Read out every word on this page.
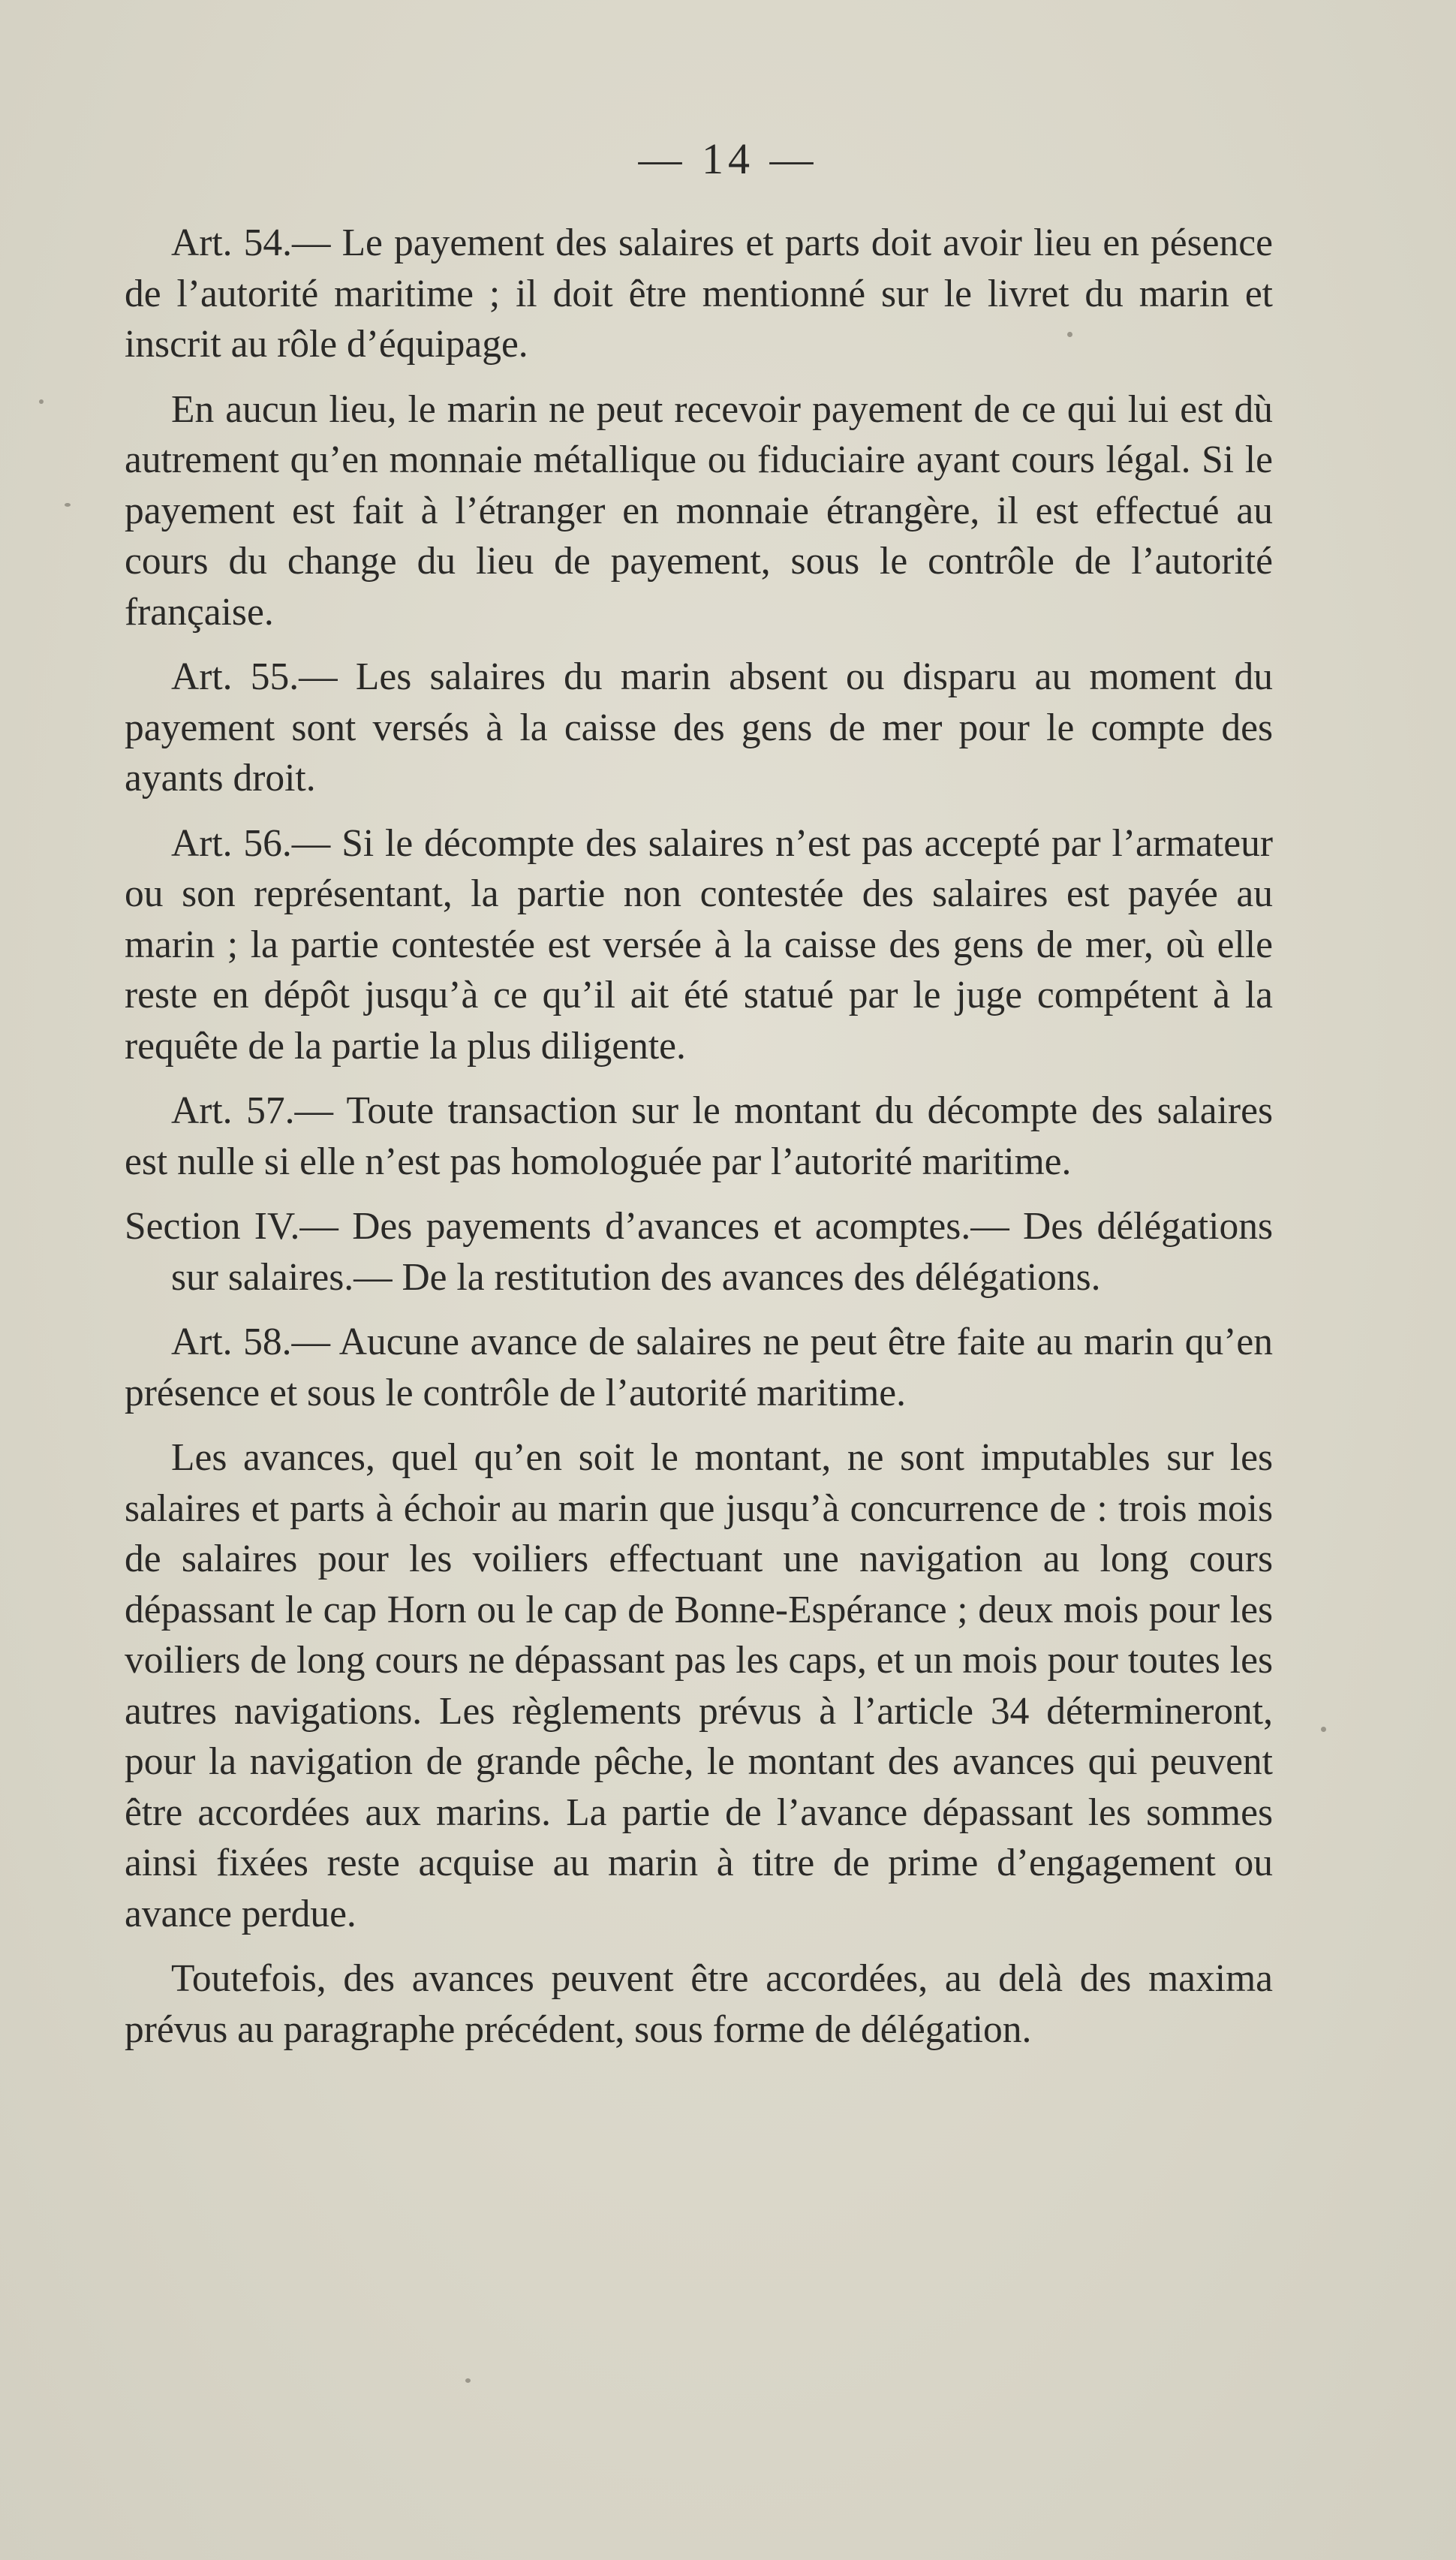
— 14 —

Art. 54.— Le payement des salaires et parts doit avoir lieu en pésence de l’autorité maritime ; il doit être mentionné sur le livret du marin et inscrit au rôle d’équipage.

En aucun lieu, le marin ne peut recevoir payement de ce qui lui est dù autrement qu’en monnaie métallique ou fiduciaire ayant cours légal. Si le payement est fait à l’étranger en monnaie étrangère, il est effectué au cours du change du lieu de payement, sous le contrôle de l’autorité française.

Art. 55.— Les salaires du marin absent ou disparu au moment du payement sont versés à la caisse des gens de mer pour le compte des ayants droit.

Art. 56.— Si le décompte des salaires n’est pas accepté par l’armateur ou son représentant, la partie non contestée des salaires est payée au marin ; la partie contestée est versée à la caisse des gens de mer, où elle reste en dépôt jusqu’à ce qu’il ait été statué par le juge compétent à la requête de la partie la plus diligente.

Art. 57.— Toute transaction sur le montant du décompte des salaires est nulle si elle n’est pas homologuée par l’autorité maritime.

Section IV.— Des payements d’avances et acomptes.— Des délégations sur salaires.— De la restitution des avances des délégations.

Art. 58.— Aucune avance de salaires ne peut être faite au marin qu’en présence et sous le contrôle de l’autorité maritime.

Les avances, quel qu’en soit le montant, ne sont imputables sur les salaires et parts à échoir au marin que jusqu’à concurrence de : trois mois de salaires pour les voiliers effectuant une navigation au long cours dépassant le cap Horn ou le cap de Bonne-Espérance ; deux mois pour les voiliers de long cours ne dépassant pas les caps, et un mois pour toutes les autres navigations. Les règlements prévus à l’article 34 détermineront, pour la navigation de grande pêche, le montant des avances qui peuvent être accordées aux marins. La partie de l’avance dépassant les sommes ainsi fixées reste acquise au marin à titre de prime d’engagement ou avance perdue.

Toutefois, des avances peuvent être accordées, au delà des maxima prévus au paragraphe précédent, sous forme de délégation.
